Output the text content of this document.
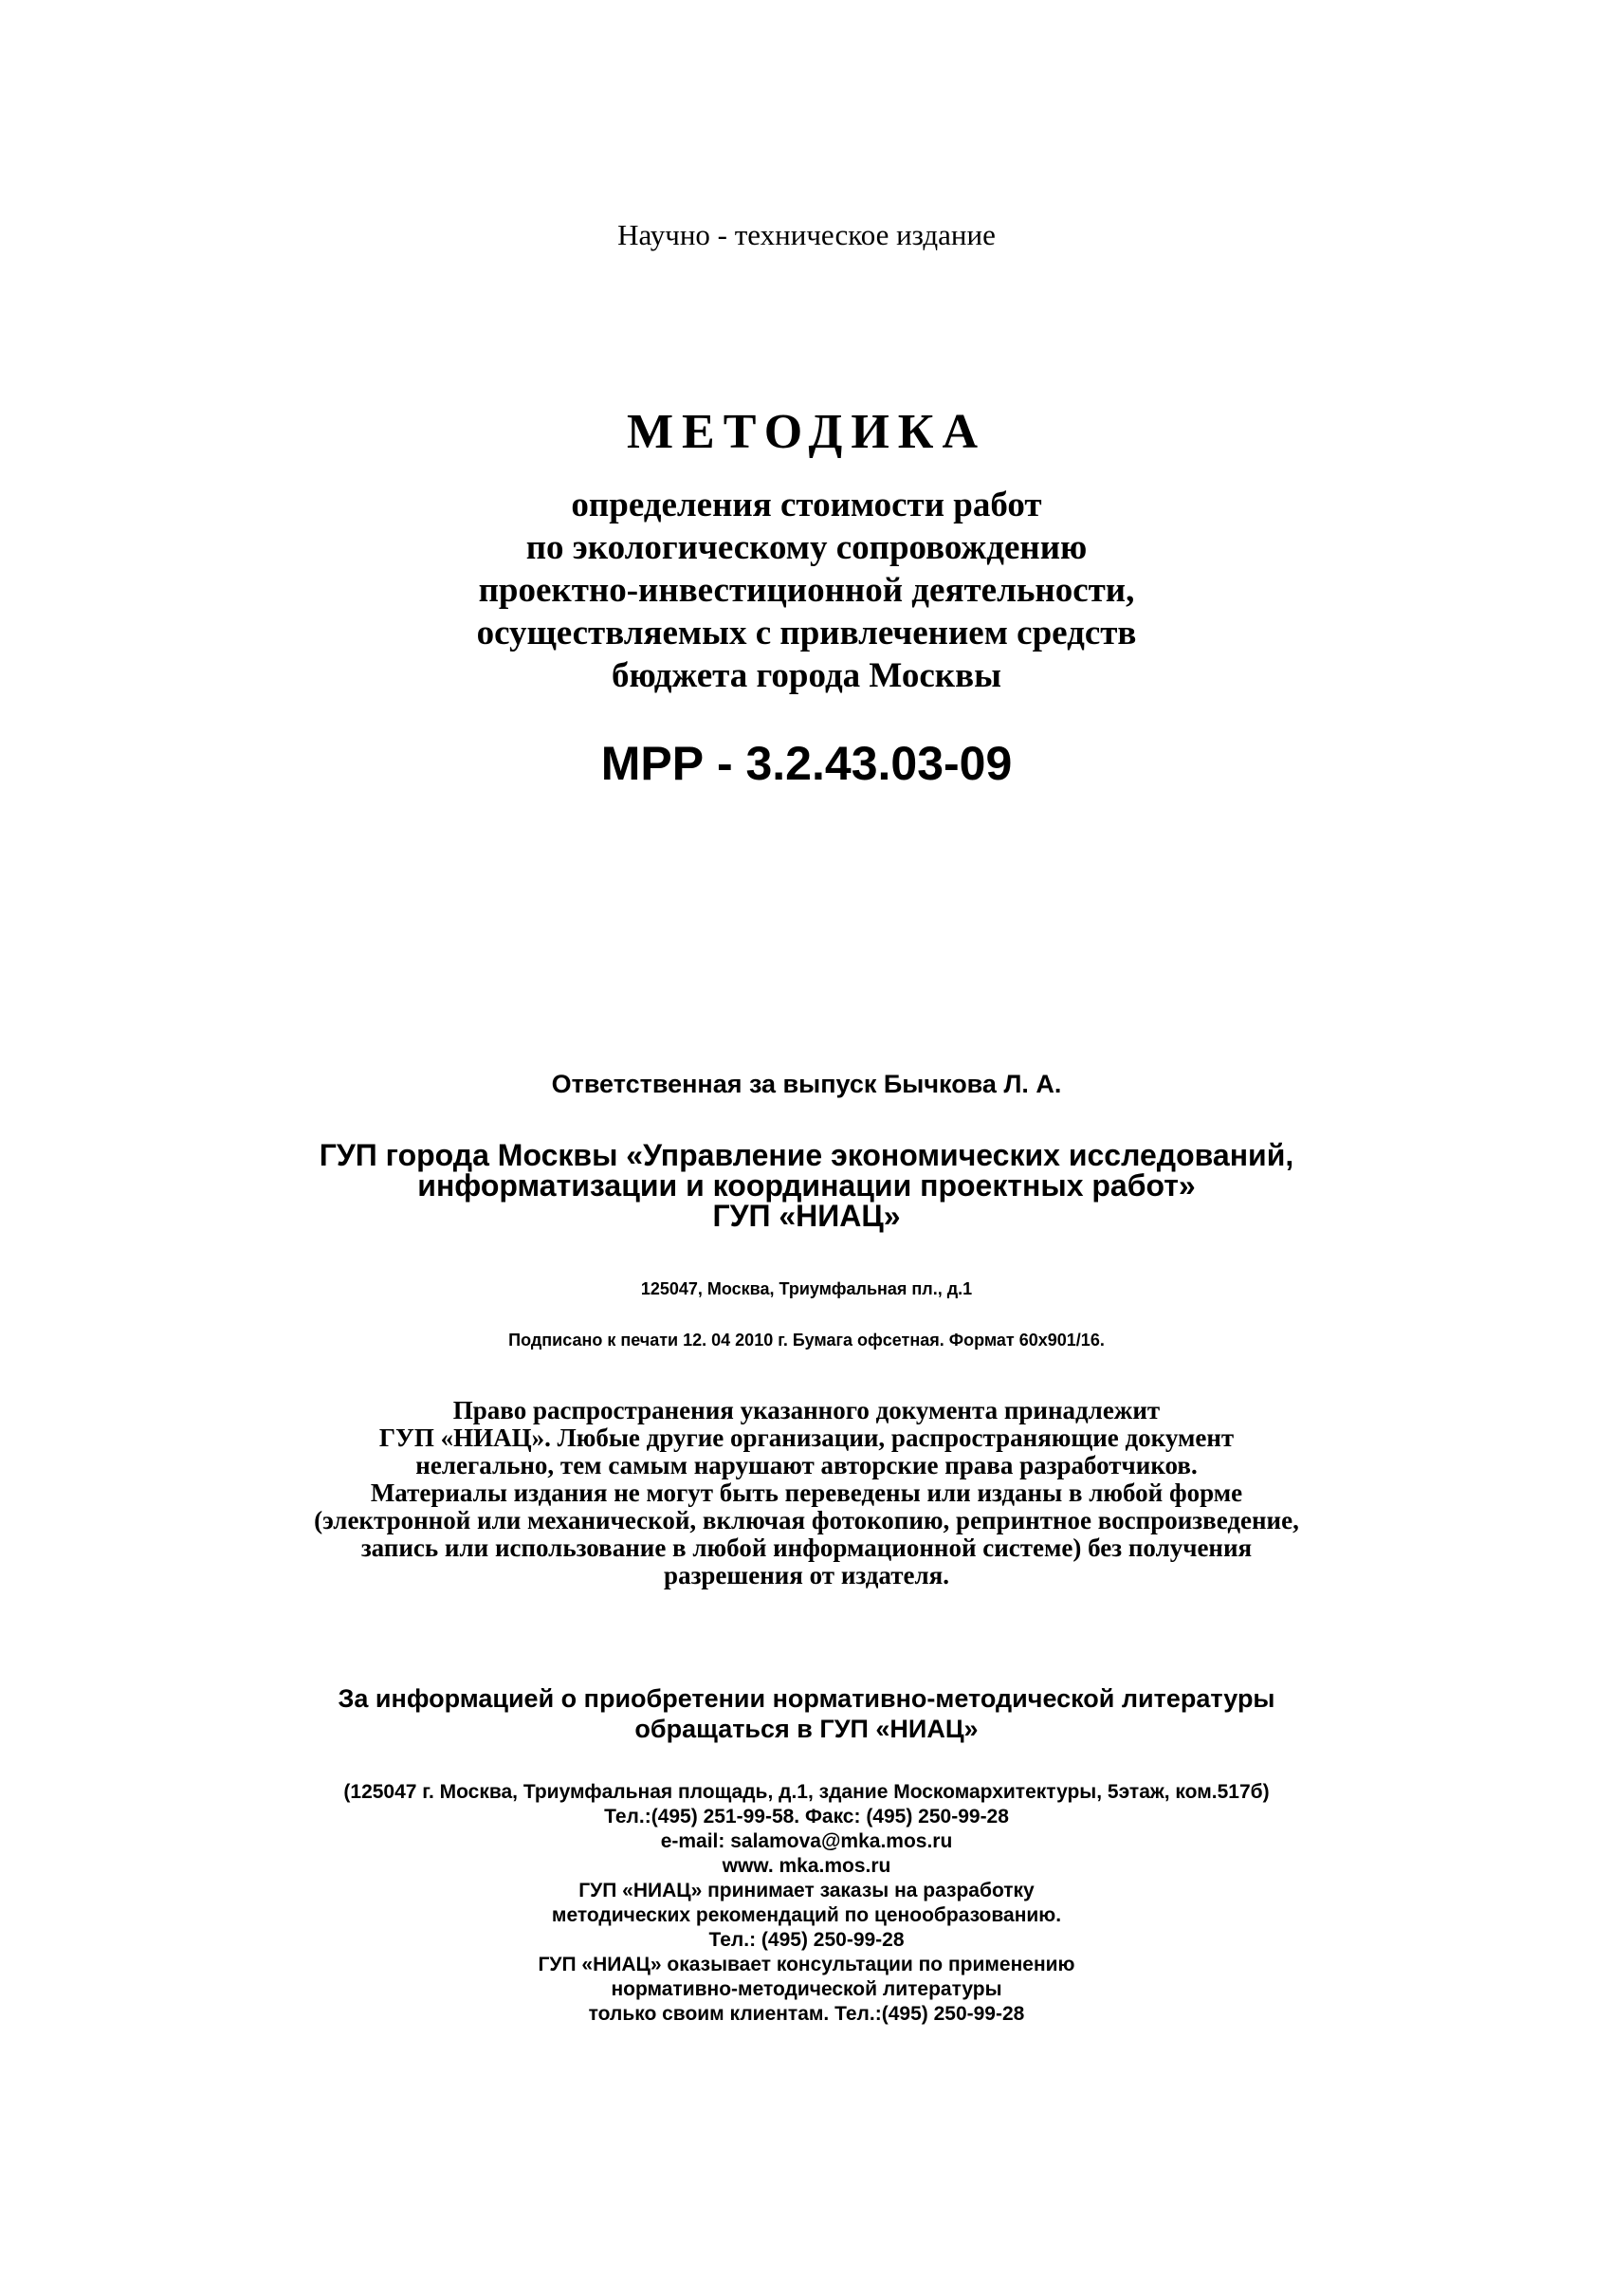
Научно - техническое издание
МЕТОДИКА
определения стоимости работ
по экологическому сопровождению
проектно-инвестиционной деятельности,
осуществляемых с привлечением средств
бюджета города Москвы
МРР - 3.2.43.03-09
Ответственная за выпуск Бычкова Л. А.
ГУП города Москвы «Управление экономических исследований,
информатизации и координации проектных работ»
ГУП «НИАЦ»
125047, Москва, Триумфальная пл., д.1
Подписано к печати 12. 04 2010 г. Бумага офсетная. Формат 60х901/16.
Право распространения указанного документа принадлежит
ГУП «НИАЦ». Любые другие организации, распространяющие документ
нелегально, тем самым нарушают авторские права разработчиков.
Материалы издания не могут быть переведены или изданы в любой форме
(электронной или механической, включая фотокопию, репринтное воспроизведение,
запись или использование в любой информационной системе) без получения
разрешения от издателя.
За информацией о приобретении нормативно-методической литературы
обращаться в ГУП «НИАЦ»
(125047 г. Москва, Триумфальная площадь, д.1, здание Москомархитектуры, 5этаж, ком.517б)
Тел.:(495) 251-99-58. Факс: (495) 250-99-28
e-mail: salamova@mka.mos.ru
www. mka.mos.ru
ГУП «НИАЦ» принимает заказы на разработку
методических рекомендаций по ценообразованию.
Тел.: (495) 250-99-28
ГУП «НИАЦ» оказывает консультации по применению
нормативно-методической литературы
только своим клиентам. Тел.:(495) 250-99-28
